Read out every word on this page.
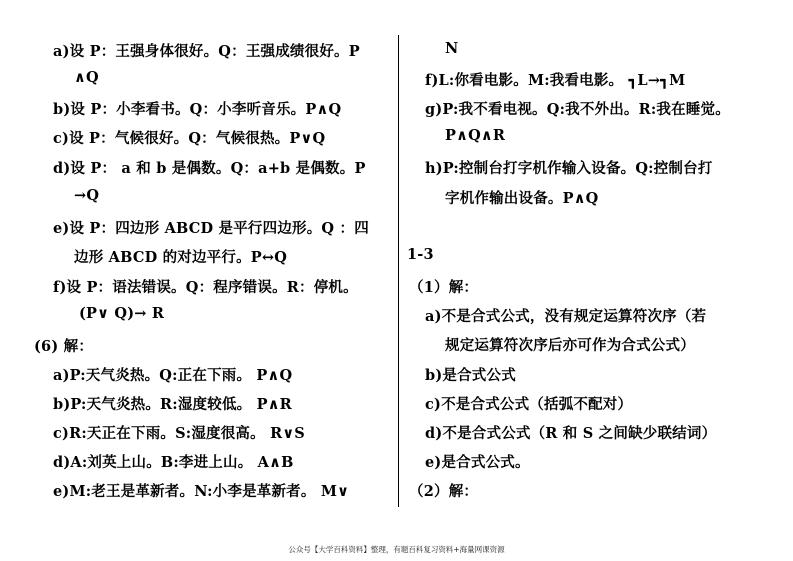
a)设 P：王强身体很好。Q：王强成绩很好。P
∧Q
b)设 P：小李看书。Q：小李听音乐。P∧Q
c)设 P：气候很好。Q：气候很热。P∨Q
d)设 P： a 和 b 是偶数。Q：a+b 是偶数。P
→Q
e)设 P：四边形 ABCD 是平行四边形。Q ：四
边形 ABCD 的对边平行。P↔Q
f)设 P：语法错误。Q：程序错误。R：停机。
(P∨ Q)→ R
(6) 解：
a)P:天气炎热。Q:正在下雨。 P∧Q
b)P:天气炎热。R:湿度较低。 P∧R
c)R:天正在下雨。S:湿度很高。 R∨S
d)A:刘英上山。B:李进上山。 A∧B
e)M:老王是革新者。N:小李是革新者。 M∨
N
f)L:你看电影。M:我看电影。 ┓L→┓M
g)P:我不看电视。Q:我不外出。R:我在睡觉。
P∧Q∧R
h)P:控制台打字机作输入设备。Q:控制台打
字机作输出设备。P∧Q
1-3
（1）解：
a)不是合式公式，没有规定运算符次序（若
规定运算符次序后亦可作为合式公式）
b)是合式公式
c)不是合式公式（括弧不配对）
d)不是合式公式（R 和 S 之间缺少联结词）
e)是合式公式。
（2）解：
公众号【大学百科资料】整理，有题百科复习资料+海量网课资源
